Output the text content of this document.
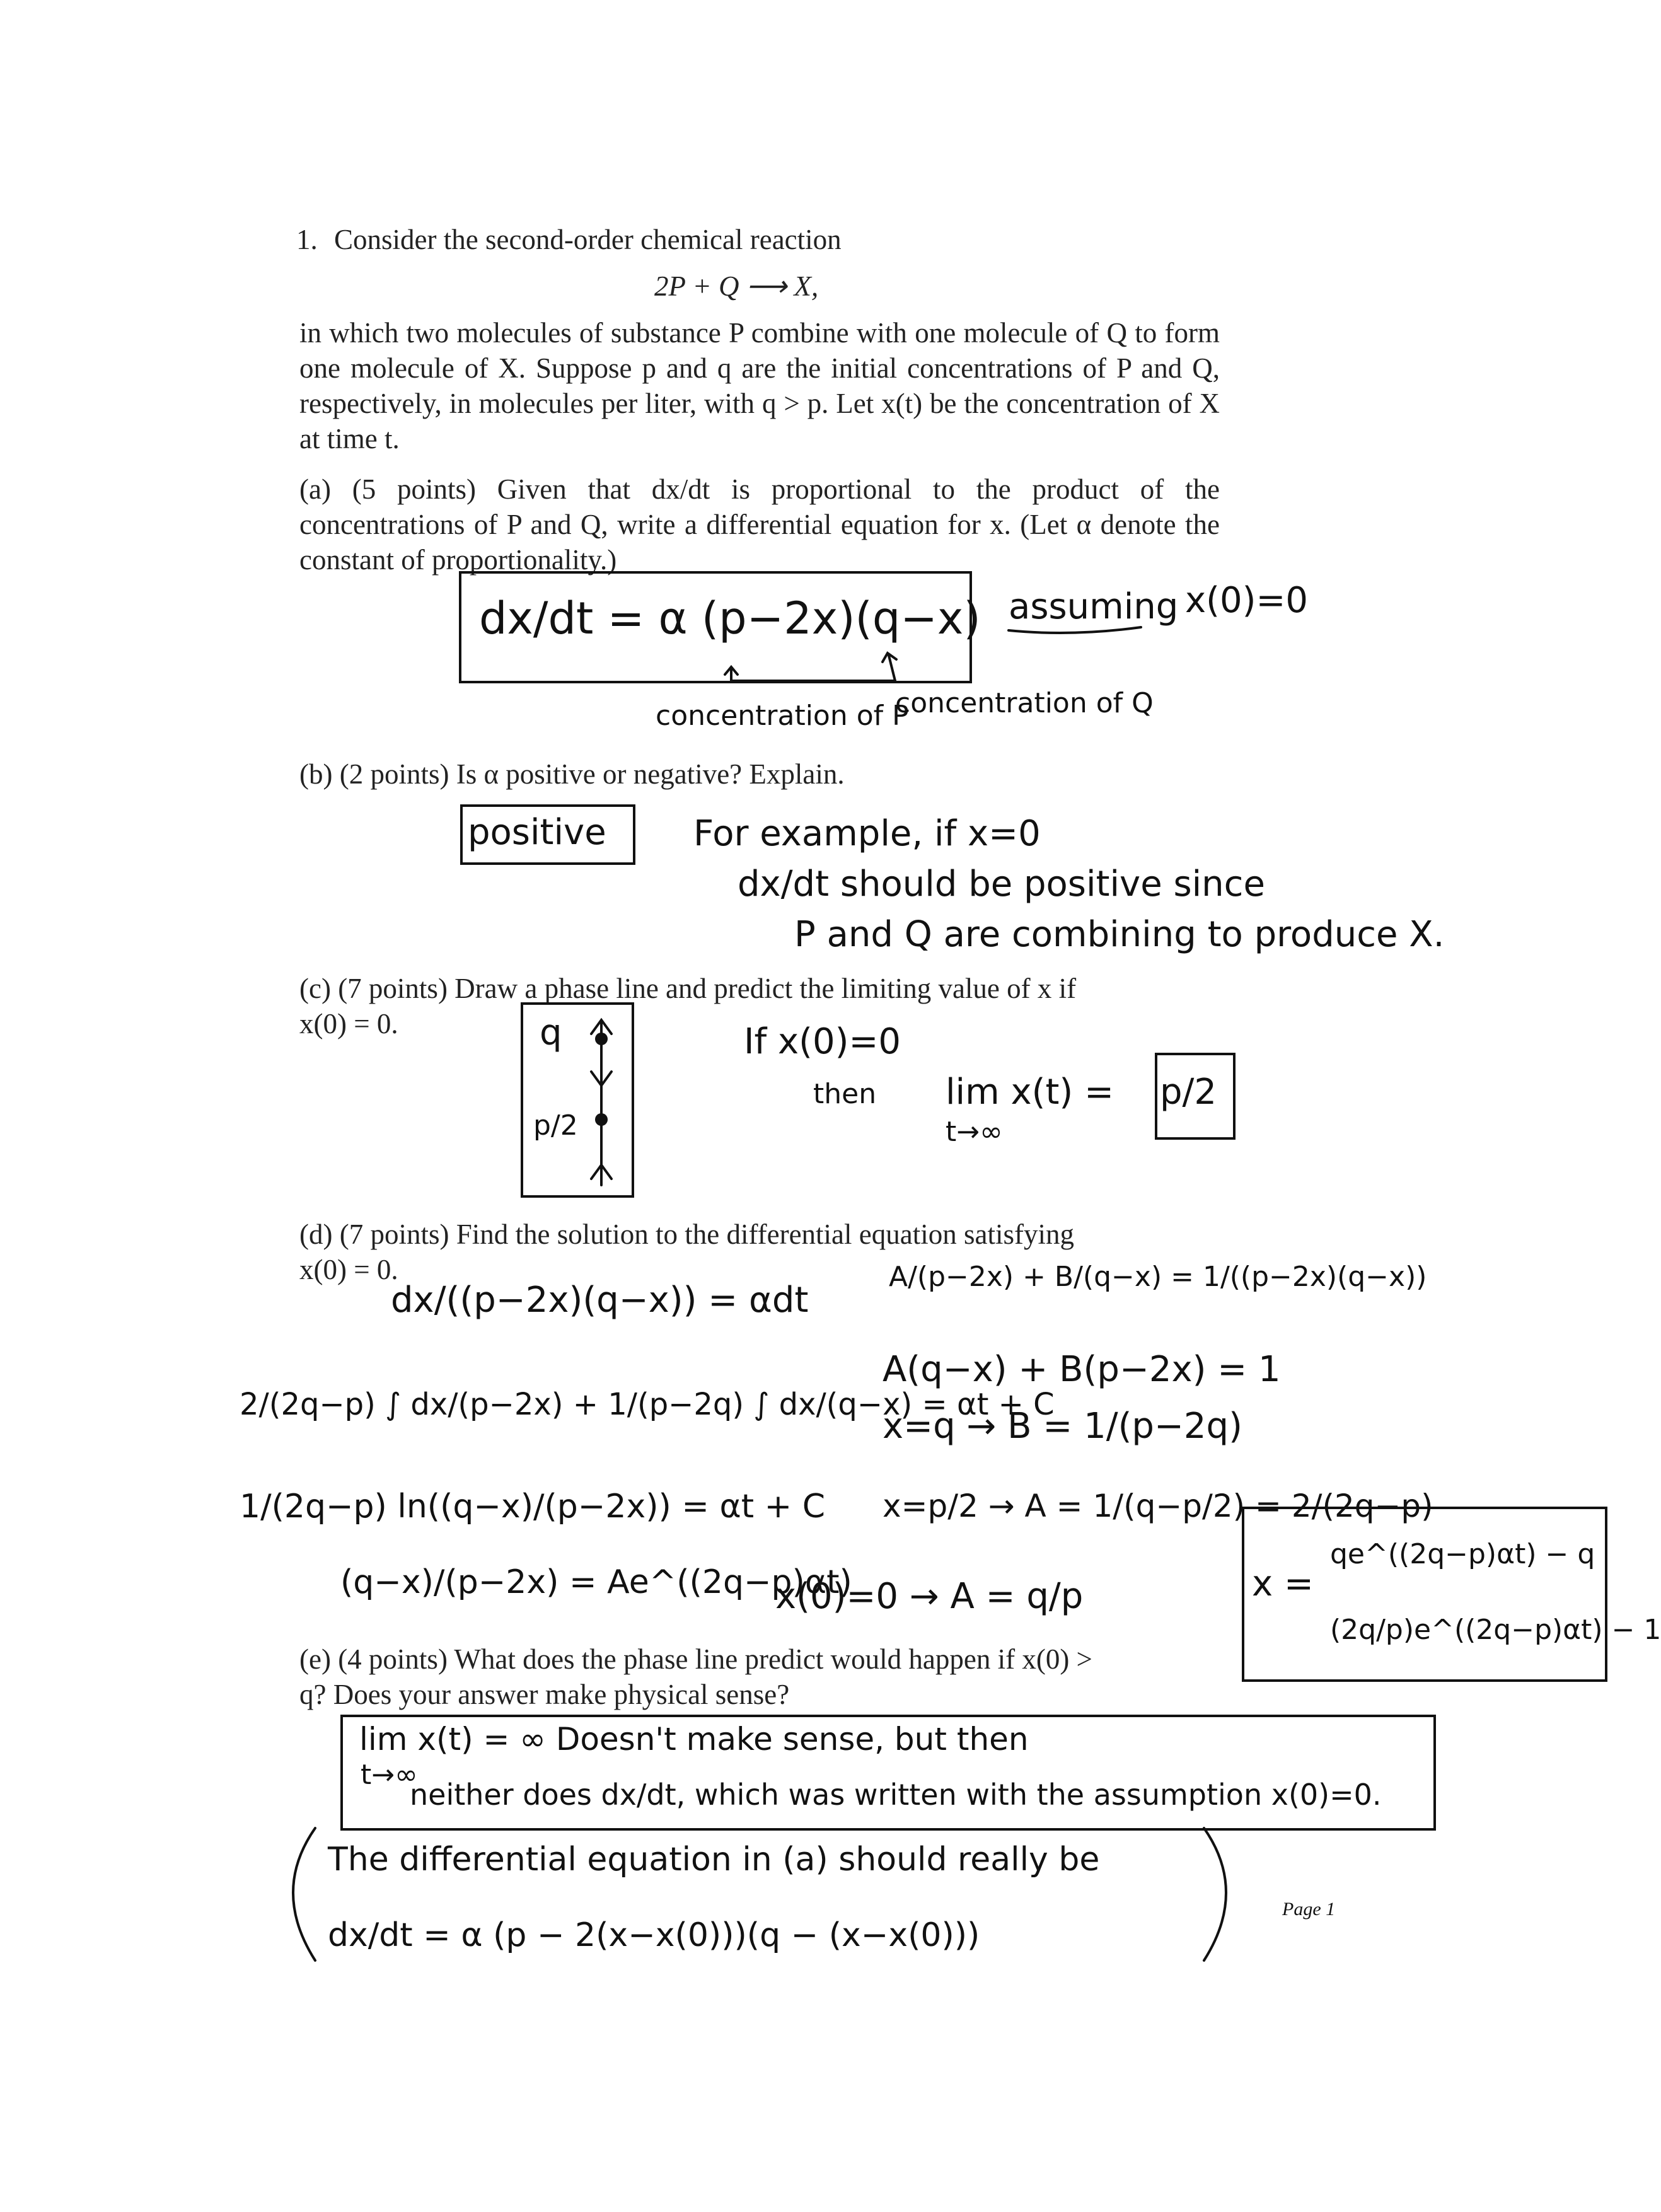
1. Consider the second-order chemical reaction
2P + Q ⟶ X,
in which two molecules of substance P combine with one molecule of Q to form one molecule of X. Suppose p and q are the initial concentrations of P and Q, respectively, in molecules per liter, with q > p. Let x(t) be the concentration of X at time t.
(a) (5 points) Given that dx/dt is proportional to the product of the concentrations of P and Q, write a differential equation for x. (Let α denote the constant of proportionality.)
dx/dt = α (p−2x)(q−x) assuming x(0)=0
concentration of P
concentration of Q
(b) (2 points) Is α positive or negative? Explain.
positive For example, if x=0
dx/dt should be positive since
P and Q are combining to produce X.
(c) (7 points) Draw a phase line and predict the limiting value of x if
x(0) = 0.	q
p/2
If x(0)=0
then lim x(t) =
t→∞
p/2
(d) (7 points) Find the solution to the differential equation satisfying
x(0) = 0.
dx/((p−2x)(q−x)) = αdt
2/(2q−p) ∫ dx/(p−2x) + 1/(p−2q) ∫ dx/(q−x) = αt + C
1/(2q−p) ln((q−x)/(p−2x)) = αt + C
(q−x)/(p−2x) = Ae^((2q−p)αt)
A/(p−2x) + B/(q−x) = 1/((p−2x)(q−x))
A(q−x) + B(p−2x) = 1
x=q → B = 1/(p−2q)
x=p/2 → A = 1/(q−p/2) = 2/(2q−p)
x(0)=0 → A = q/p	x =
qe^((2q−p)αt) − q
(2q/p)e^((2q−p)αt) − 1
(e) (4 points) What does the phase line predict would happen if x(0) >
q? Does your answer make physical sense?
lim x(t) = ∞ Doesn't make sense, but then
t→∞
neither does dx/dt, which was written with the assumption x(0)=0.
The differential equation in (a) should really be
dx/dt = α (p − 2(x−x(0)))(q − (x−x(0)))
Page 1
